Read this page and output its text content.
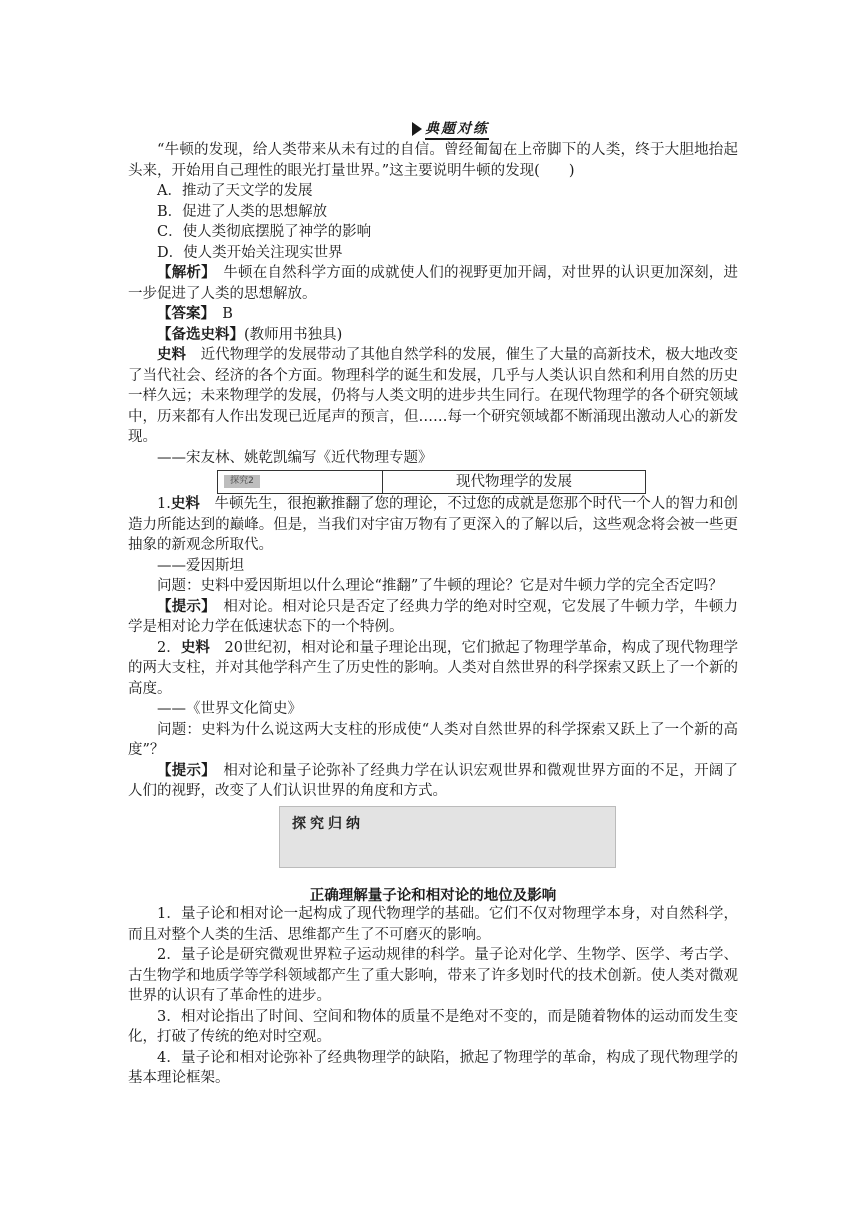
典题对练

“牛顿的发现，给人类带来从未有过的自信。曾经匍匐在上帝脚下的人类，终于大胆地抬起头来，开始用自己理性的眼光打量世界。”这主要说明牛顿的发现(　　)

A．推动了天文学的发展

B．促进了人类的思想解放

C．使人类彻底摆脱了神学的影响

D．使人类开始关注现实世界

【解析】　牛顿在自然科学方面的成就使人们的视野更加开阔，对世界的认识更加深刻，进一步促进了人类的思想解放。

【答案】　B

【备选史料】(教师用书独具)

史料　近代物理学的发展带动了其他自然学科的发展，催生了大量的高新技术，极大地改变了当代社会、经济的各个方面。物理科学的诞生和发展，几乎与人类认识自然和利用自然的历史一样久远；未来物理学的发展，仍将与人类文明的进步共生同行。在现代物理学的各个研究领域中，历来都有人作出发现已近尾声的预言，但……每一个研究领域都不断涌现出激动人心的新发现。

——宋友林、姚乾凯编写《近代物理专题》

探究2	现代物理学的发展

1.史料　牛顿先生，很抱歉推翻了您的理论，不过您的成就是您那个时代一个人的智力和创造力所能达到的巅峰。但是，当我们对宇宙万物有了更深入的了解以后，这些观念将会被一些更抽象的新观念所取代。

——爱因斯坦

问题：史料中爱因斯坦以什么理论“推翻”了牛顿的理论？它是对牛顿力学的完全否定吗？

【提示】　相对论。相对论只是否定了经典力学的绝对时空观，它发展了牛顿力学，牛顿力学是相对论力学在低速状态下的一个特例。

2．史料　20世纪初，相对论和量子理论出现，它们掀起了物理学革命，构成了现代物理学的两大支柱，并对其他学科产生了历史性的影响。人类对自然世界的科学探索又跃上了一个新的高度。

——《世界文化简史》

问题：史料为什么说这两大支柱的形成使“人类对自然世界的科学探索又跃上了一个新的高度”？

【提示】　相对论和量子论弥补了经典力学在认识宏观世界和微观世界方面的不足，开阔了人们的视野，改变了人们认识世界的角度和方式。

探究归纳
正确理解量子论和相对论的地位及影响

1．量子论和相对论一起构成了现代物理学的基础。它们不仅对物理学本身，对自然科学，而且对整个人类的生活、思维都产生了不可磨灭的影响。

2．量子论是研究微观世界粒子运动规律的科学。量子论对化学、生物学、医学、考古学、古生物学和地质学等学科领域都产生了重大影响，带来了许多划时代的技术创新。使人类对微观世界的认识有了革命性的进步。

3．相对论指出了时间、空间和物体的质量不是绝对不变的，而是随着物体的运动而发生变化，打破了传统的绝对时空观。

4．量子论和相对论弥补了经典物理学的缺陷，掀起了物理学的革命，构成了现代物理学的基本理论框架。
